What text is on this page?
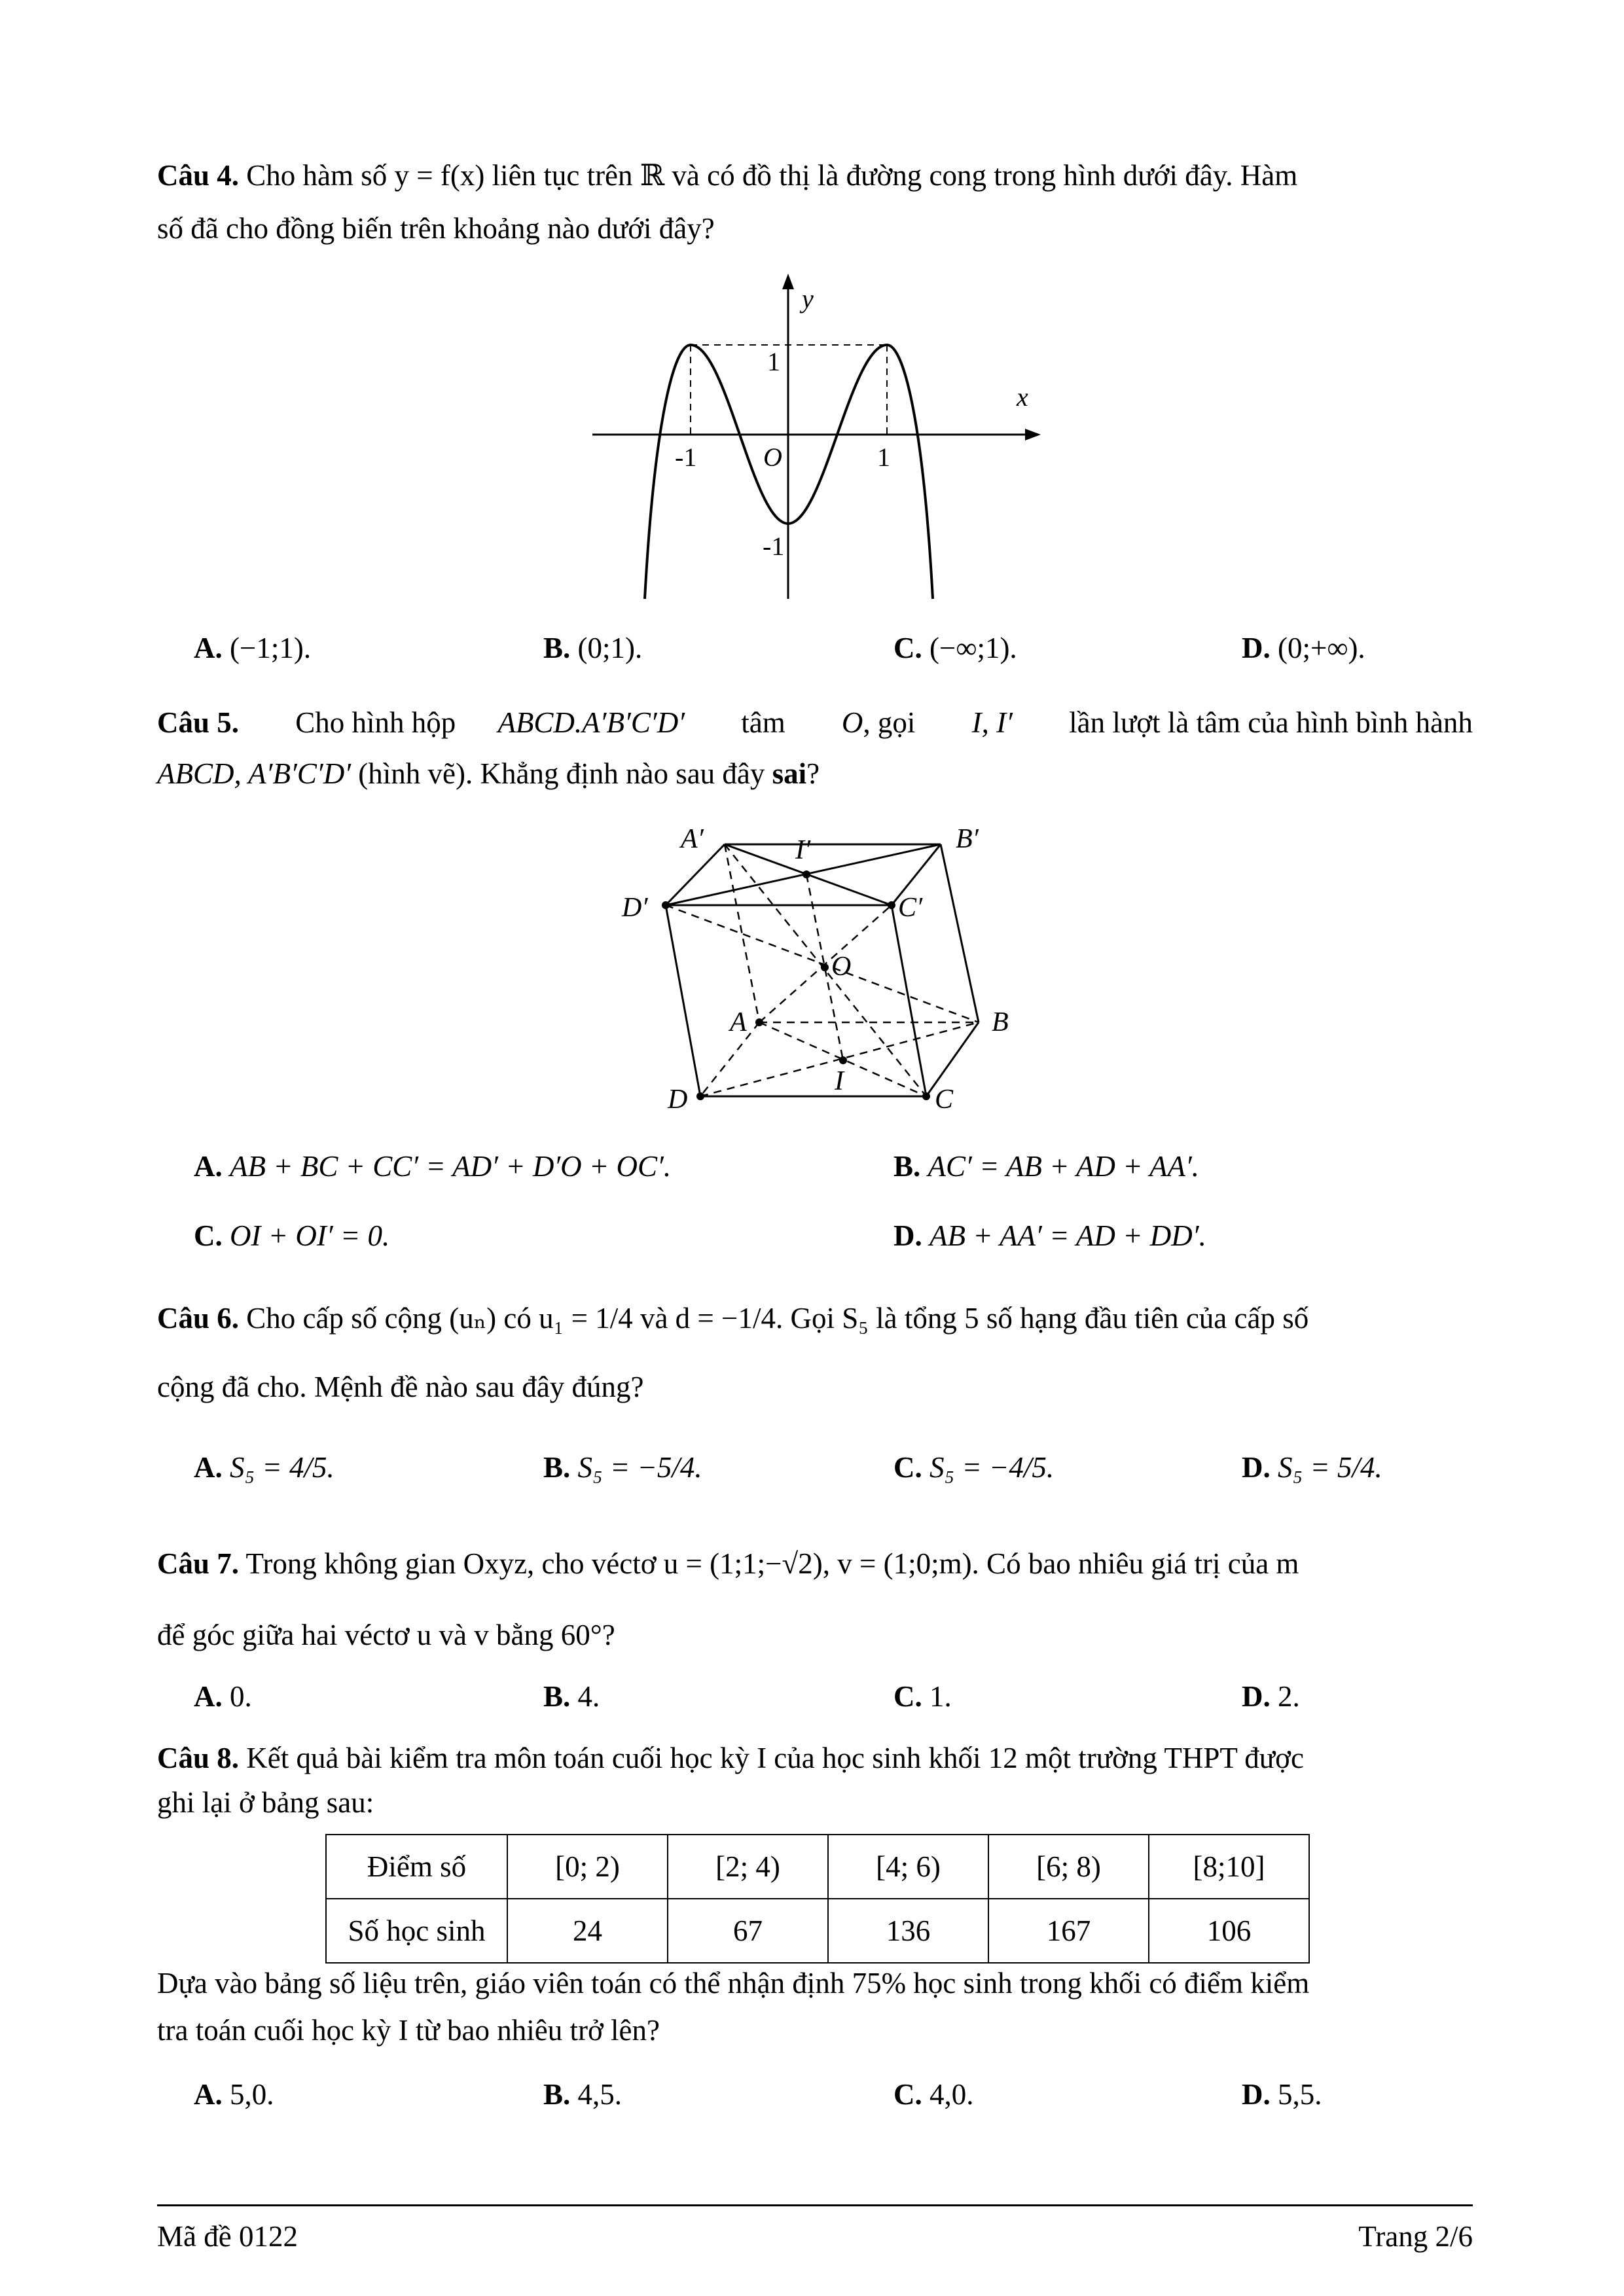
Câu 4. Cho hàm số y = f(x) liên tục trên ℝ và có đồ thị là đường cong trong hình dưới đây. Hàm
số đã cho đồng biến trên khoảng nào dưới đây?
y
x
1
-1	O	1
-1
A. (−1;1).	B. (0;1).	C. (−∞;1).	D. (0;+∞).
Câu 5. Cho hình hộp ABCD.A′B′C′D′ tâm O, gọi I, I′ lần lượt là tâm của hình bình hành
ABCD, A′B′C′D′ (hình vẽ). Khẳng định nào sau đây sai?
A′	B′
I′
D′	C′
O
A	B
I
D	C
A. AB + BC + CC′ = AD′ + D′O + OC′.	B. AC′ = AB + AD + AA′.
C. OI + OI′ = 0.	D. AB + AA′ = AD + DD′.
Câu 6. Cho cấp số cộng (uₙ) có u₁ = 1/4 và d = −1/4. Gọi S₅ là tổng 5 số hạng đầu tiên của cấp số
cộng đã cho. Mệnh đề nào sau đây đúng?
A. S₅ = 4/5.	B. S₅ = −5/4.	C. S₅ = −4/5.	D. S₅ = 5/4.
Câu 7. Trong không gian Oxyz, cho véctơ u = (1;1;−√2), v = (1;0;m). Có bao nhiêu giá trị của m
để góc giữa hai véctơ u và v bằng 60°?
A. 0.	B. 4.	C. 1.	D. 2.
Câu 8. Kết quả bài kiểm tra môn toán cuối học kỳ I của học sinh khối 12 một trường THPT được
ghi lại ở bảng sau:
Điểm số	[0; 2)	[2; 4)	[4; 6)	[6; 8)	[8;10]
Số học sinh	24	67	136	167	106
Dựa vào bảng số liệu trên, giáo viên toán có thể nhận định 75% học sinh trong khối có điểm kiểm
tra toán cuối học kỳ I từ bao nhiêu trở lên?
A. 5,0.	B. 4,5.	C. 4,0.	D. 5,5.
Mã đề 0122	Trang 2/6
